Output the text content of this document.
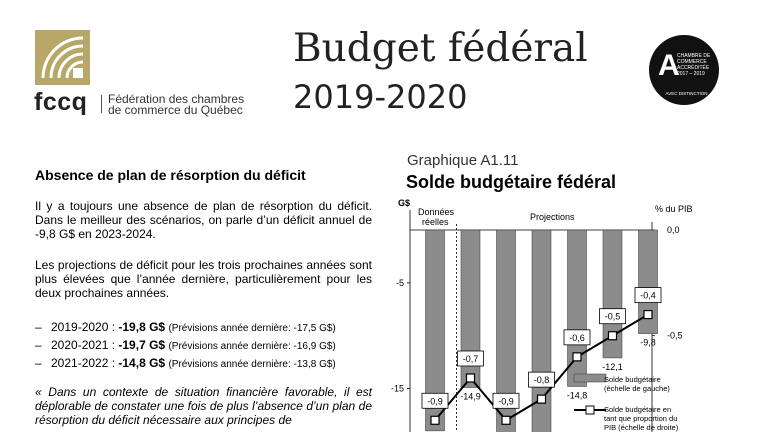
fccq Fédération des chambres
de commerce du Québec
Budget fédéral
2019-2020
A
CHAMBRE DE
COMMERCE
ACCRÉDITÉE
2017 – 2019
AVEC DISTINCTION
Absence de plan de résorption du déficit
Il y a toujours une absence de plan de résorption du déficit. Dans le meilleur des scénarios, on parle d’un déficit annuel de -9,8 G$ en 2023-2024.
Les projections de déficit pour les trois prochaines années sont plus élevées que l’année dernière, particulièrement pour les deux prochaines années.
– 2019-2020 : -19,8 G$ (Prévisions année dernière: -17,5 G$)
– 2020-2021 : -19,7 G$ (Prévisions année dernière: -16,9 G$)
– 2021-2022 : -14,8 G$ (Prévisions année dernière: -13,8 G$)
« Dans un contexte de situation financière favorable, il est déplorable de constater une fois de plus l’absence d’un plan de résorption du déficit nécessaire aux principes de
Graphique A1.11
Solde budgétaire fédéral
G$
% du PIB
Projections
-5
-15
0,0
-0,5
Données
réelles
-14,9	-14,8
-12,1
-9,8
-0,9
-0,7
-0,9
-0,8
-0,6
-0,5
-0,4
Solde budgétaire
(échelle de gauche)
Solde budgétaire en
tant que proportion du
PIB (échelle de droite)
